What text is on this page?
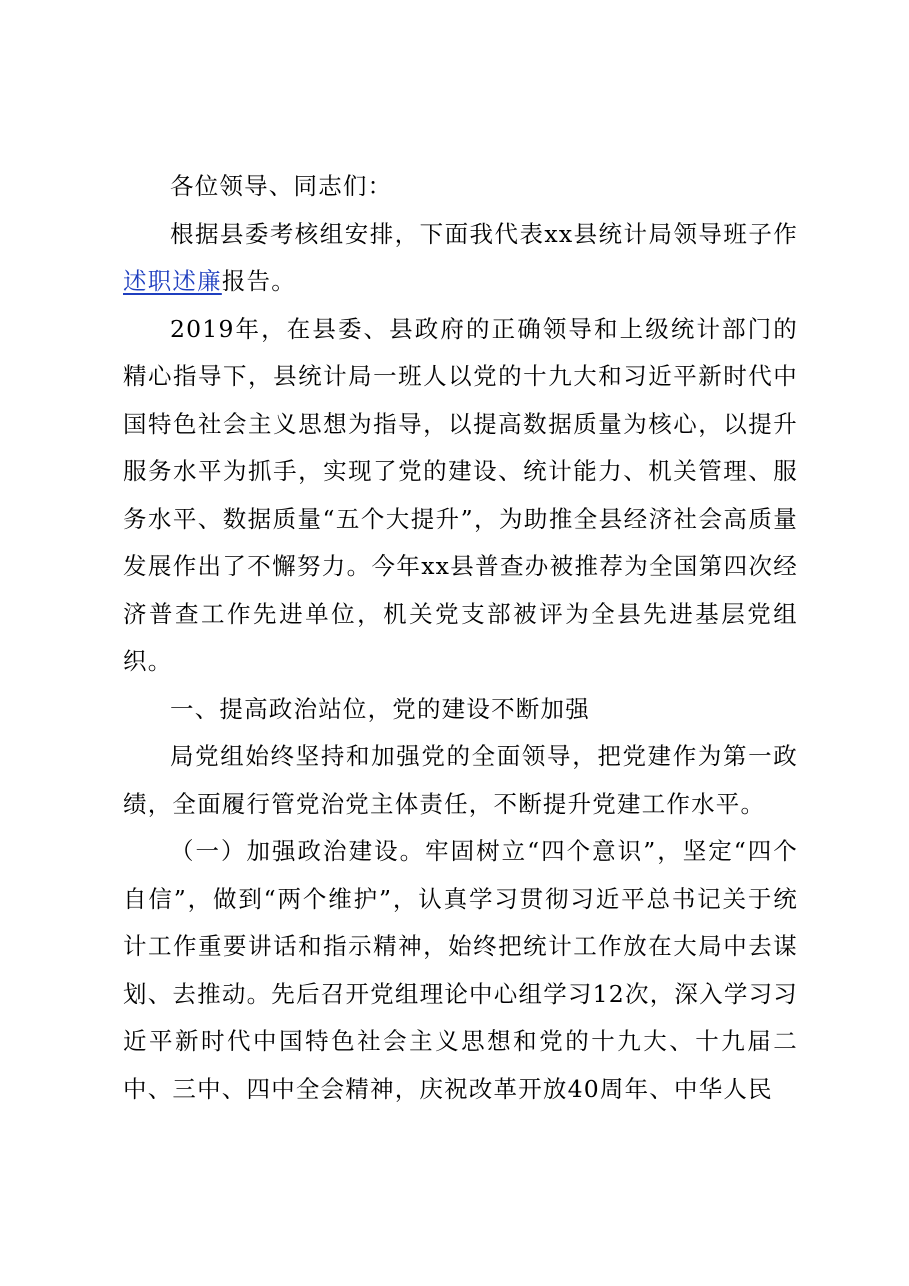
各位领导、同志们：

根据县委考核组安排，下面我代表xx县统计局领导班子作述职述廉报告。

2019年，在县委、县政府的正确领导和上级统计部门的精心指导下，县统计局一班人以党的十九大和习近平新时代中国特色社会主义思想为指导，以提高数据质量为核心，以提升服务水平为抓手，实现了党的建设、统计能力、机关管理、服务水平、数据质量“五个大提升”，为助推全县经济社会高质量发展作出了不懈努力。今年xx县普查办被推荐为全国第四次经济普查工作先进单位，机关党支部被评为全县先进基层党组织。

一、提高政治站位，党的建设不断加强

局党组始终坚持和加强党的全面领导，把党建作为第一政绩，全面履行管党治党主体责任，不断提升党建工作水平。

（一）加强政治建设。牢固树立“四个意识”，坚定“四个自信”，做到“两个维护”，认真学习贯彻习近平总书记关于统计工作重要讲话和指示精神，始终把统计工作放在大局中去谋划、去推动。先后召开党组理论中心组学习12次，深入学习习近平新时代中国特色社会主义思想和党的十九大、十九届二中、三中、四中全会精神，庆祝改革开放40周年、中华人民
